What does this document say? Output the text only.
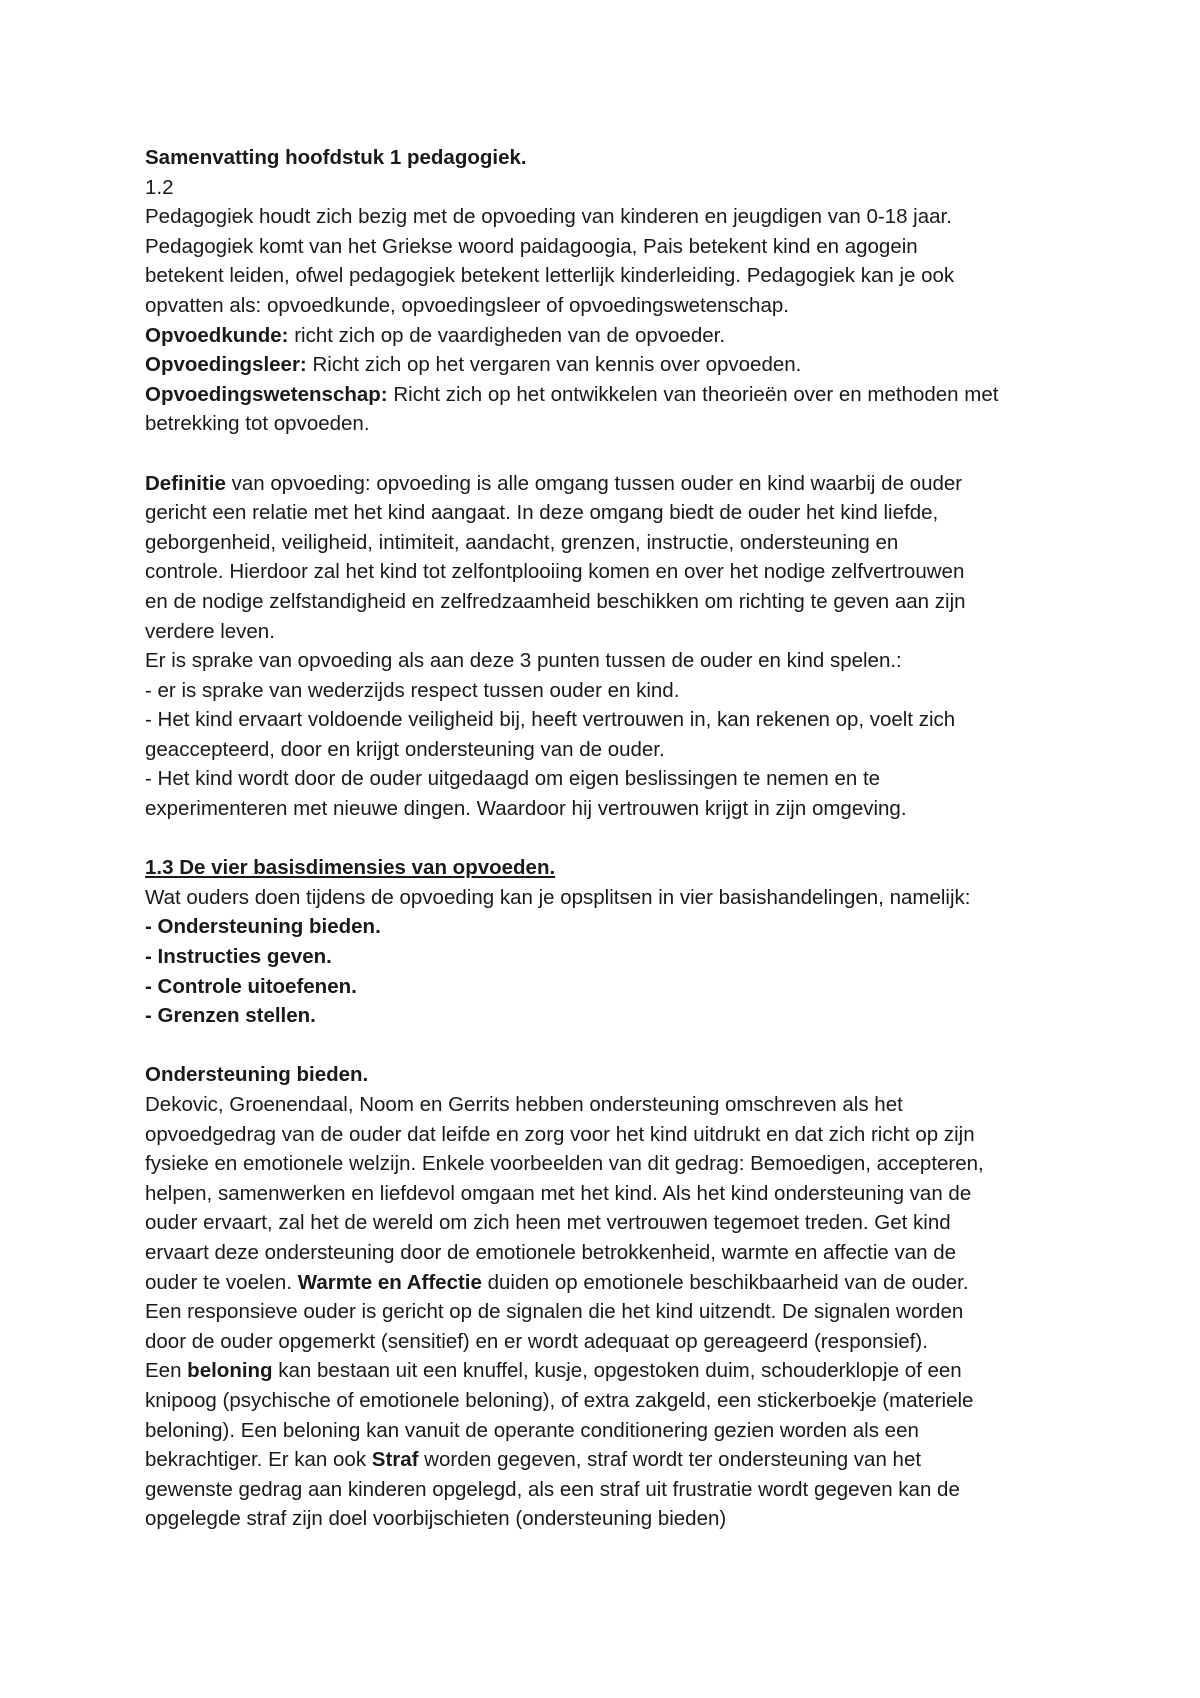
Samenvatting hoofdstuk 1 pedagogiek.
1.2
Pedagogiek houdt zich bezig met de opvoeding van kinderen en jeugdigen van 0-18 jaar.
Pedagogiek komt van het Griekse woord paidagoogia, Pais betekent kind en agogein
betekent leiden, ofwel pedagogiek betekent letterlijk kinderleiding. Pedagogiek kan je ook
opvatten als: opvoedkunde, opvoedingsleer of opvoedingswetenschap.
Opvoedkunde: richt zich op de vaardigheden van de opvoeder.
Opvoedingsleer: Richt zich op het vergaren van kennis over opvoeden.
Opvoedingswetenschap: Richt zich op het ontwikkelen van theorieën over en methoden met
betrekking tot opvoeden.
Definitie van opvoeding: opvoeding is alle omgang tussen ouder en kind waarbij de ouder
gericht een relatie met het kind aangaat. In deze omgang biedt de ouder het kind liefde,
geborgenheid, veiligheid, intimiteit, aandacht, grenzen, instructie, ondersteuning en
controle. Hierdoor zal het kind tot zelfontplooiing komen en over het nodige zelfvertrouwen
en de nodige zelfstandigheid en zelfredzaamheid beschikken om richting te geven aan zijn
verdere leven.
Er is sprake van opvoeding als aan deze 3 punten tussen de ouder en kind spelen.:
- er is sprake van wederzijds respect tussen ouder en kind.
- Het kind ervaart voldoende veiligheid bij, heeft vertrouwen in, kan rekenen op, voelt zich
geaccepteerd, door en krijgt ondersteuning van de ouder.
- Het kind wordt door de ouder uitgedaagd om eigen beslissingen te nemen en te
experimenteren met nieuwe dingen. Waardoor hij vertrouwen krijgt in zijn omgeving.
1.3 De vier basisdimensies van opvoeden.
Wat ouders doen tijdens de opvoeding kan je opsplitsen in vier basishandelingen, namelijk:
- Ondersteuning bieden.
- Instructies geven.
- Controle uitoefenen.
- Grenzen stellen.
Ondersteuning bieden.
Dekovic, Groenendaal, Noom en Gerrits hebben ondersteuning omschreven als het
opvoedgedrag van de ouder dat leifde en zorg voor het kind uitdrukt en dat zich richt op zijn
fysieke en emotionele welzijn. Enkele voorbeelden van dit gedrag: Bemoedigen, accepteren,
helpen, samenwerken en liefdevol omgaan met het kind. Als het kind ondersteuning van de
ouder ervaart, zal het de wereld om zich heen met vertrouwen tegemoet treden. Get kind
ervaart deze ondersteuning door de emotionele betrokkenheid, warmte en affectie van de
ouder te voelen. Warmte en Affectie duiden op emotionele beschikbaarheid van de ouder.
Een responsieve ouder is gericht op de signalen die het kind uitzendt. De signalen worden
door de ouder opgemerkt (sensitief) en er wordt adequaat op gereageerd (responsief).
Een beloning kan bestaan uit een knuffel, kusje, opgestoken duim, schouderklopje of een
knipoog (psychische of emotionele beloning), of extra zakgeld, een stickerboekje (materiele
beloning). Een beloning kan vanuit de operante conditionering gezien worden als een
bekrachtiger. Er kan ook Straf worden gegeven, straf wordt ter ondersteuning van het
gewenste gedrag aan kinderen opgelegd, als een straf uit frustratie wordt gegeven kan de
opgelegde straf zijn doel voorbijschieten (ondersteuning bieden)
